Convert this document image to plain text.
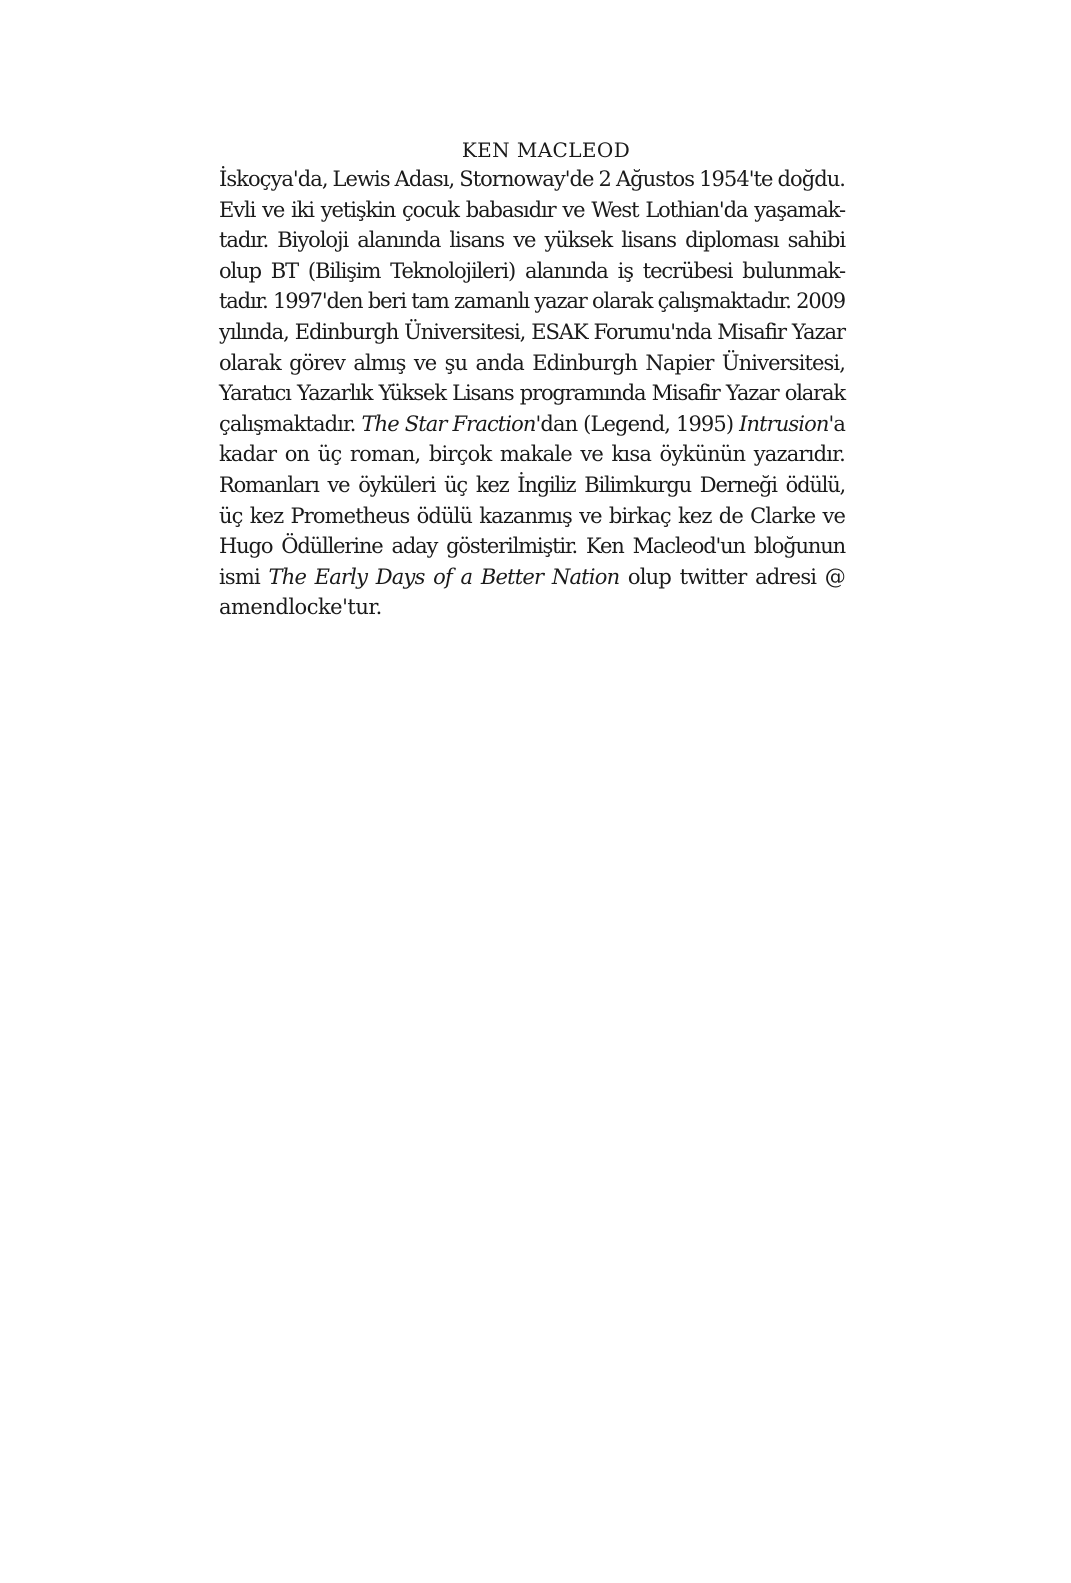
KEN MACLEOD
İskoçya'da, Lewis Adası, Stornoway'de 2 Ağustos 1954'te doğdu.
Evli ve iki yetişkin çocuk babasıdır ve West Lothian'da yaşamak-
tadır. Biyoloji alanında lisans ve yüksek lisans diploması sahibi
olup BT (Bilişim Teknolojileri) alanında iş tecrübesi bulunmak-
tadır. 1997'den beri tam zamanlı yazar olarak çalışmaktadır. 2009
yılında, Edinburgh Üniversitesi, ESAK Forumu'nda Misafir Yazar
olarak görev almış ve şu anda Edinburgh Napier Üniversitesi,
Yaratıcı Yazarlık Yüksek Lisans programında Misafir Yazar olarak
çalışmaktadır. The Star Fraction'dan (Legend, 1995) Intrusion'a
kadar on üç roman, birçok makale ve kısa öykünün yazarıdır.
Romanları ve öyküleri üç kez İngiliz Bilimkurgu Derneği ödülü,
üç kez Prometheus ödülü kazanmış ve birkaç kez de Clarke ve
Hugo Ödüllerine aday gösterilmiştir. Ken Macleod'un bloğunun
ismi The Early Days of a Better Nation olup twitter adresi @
amendlocke'tur.
